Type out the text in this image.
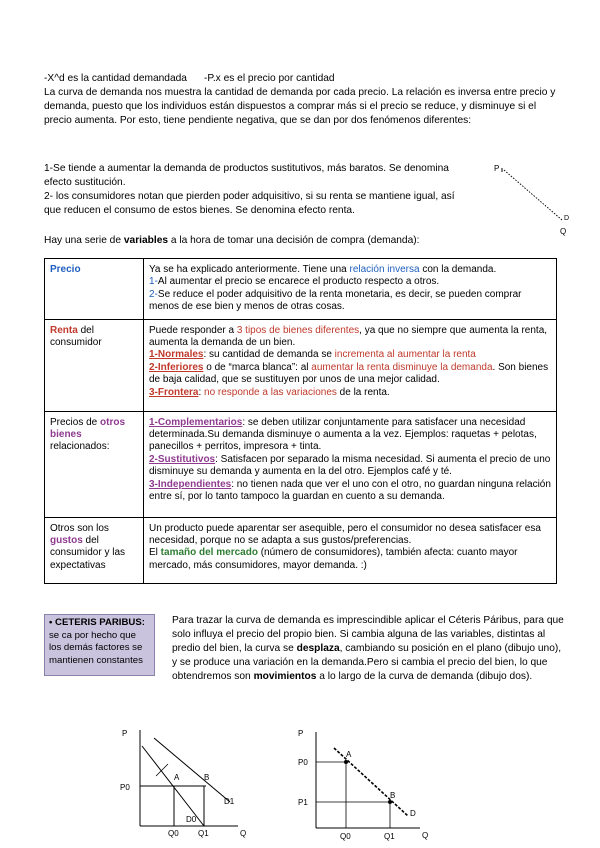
-X^d es la cantidad demandada      -P.x es el precio por cantidad
La curva de demanda nos muestra la cantidad de demanda por cada precio. La relación es inversa entre precio y demanda, puesto que los individuos están dispuestos a comprar más si el precio se reduce, y disminuye si el precio aumenta. Por esto, tiene pendiente negativa, que se dan por dos fenómenos diferentes:
1-Se tiende a aumentar la demanda de productos sustitutivos, más baratos. Se denomina efecto sustitución.
2- los consumidores notan que pierden poder adquisitivo, si su renta se mantiene igual, así que reducen el consumo de estos bienes. Se denomina efecto renta.
P
D
Q
Hay una serie de variables a la hora de tomar una decisión de compra (demanda):
Precio	Ya se ha explicado anteriormente. Tiene una relación inversa con la demanda.
1-Al aumentar el precio se encarece el producto respecto a otros.
2-Se reduce el poder adquisitivo de la renta monetaria, es decir, se pueden comprar menos de ese bien y menos de otras cosas.
Renta del consumidor	Puede responder a 3 tipos de bienes diferentes, ya que no siempre que aumenta la renta, aumenta la demanda de un bien.
1-Normales: su cantidad de demanda se incrementa al aumentar la renta
2-Inferiores o de “marca blanca”: al aumentar la renta disminuye la demanda. Son bienes de baja calidad, que se sustituyen por unos de una mejor calidad.
3-Frontera: no responde a las variaciones de la renta.
Precios de otros bienes relacionados:	1-Complementarios: se deben utilizar conjuntamente para satisfacer una necesidad determinada.Su demanda disminuye o aumenta a la vez. Ejemplos: raquetas + pelotas, panecillos + perritos, impresora + tinta.
2-Sustitutivos: Satisfacen por separado la misma necesidad. Si aumenta el precio de uno disminuye su demanda y aumenta en la del otro. Ejemplos café y té.
3-Independientes: no tienen nada que ver el uno con el otro, no guardan ninguna relación entre sí, por lo tanto tampoco la guardan en cuento a su demanda.
Otros son los gustos del consumidor y las expectativas	Un producto puede aparentar ser asequible, pero el consumidor no desea satisfacer esa necesidad, porque no se adapta a sus gustos/preferencias.
El tamaño del mercado (número de consumidores), también afecta: cuanto mayor mercado, más consumidores, mayor demanda. :)
• CETERIS PARIBUS:
se ca por hecho que los demás factores se mantienen constantes
Para trazar la curva de demanda es imprescindible aplicar el Céteris Páribus, para que solo influya el precio del propio bien. Si cambia alguna de las variables, distintas al predio del bien, la curva se desplaza, cambiando su posición en el plano (dibujo uno), y se produce una variación en la demanda.Pero si cambia el precio del bien, lo que obtendremos son movimientos a lo largo de la curva de demanda (dibujo dos).
P
P0
A	B
D1
D0
Q0 Q1	Q
P
P0
P1
A
B
D
Q0	Q1	Q
